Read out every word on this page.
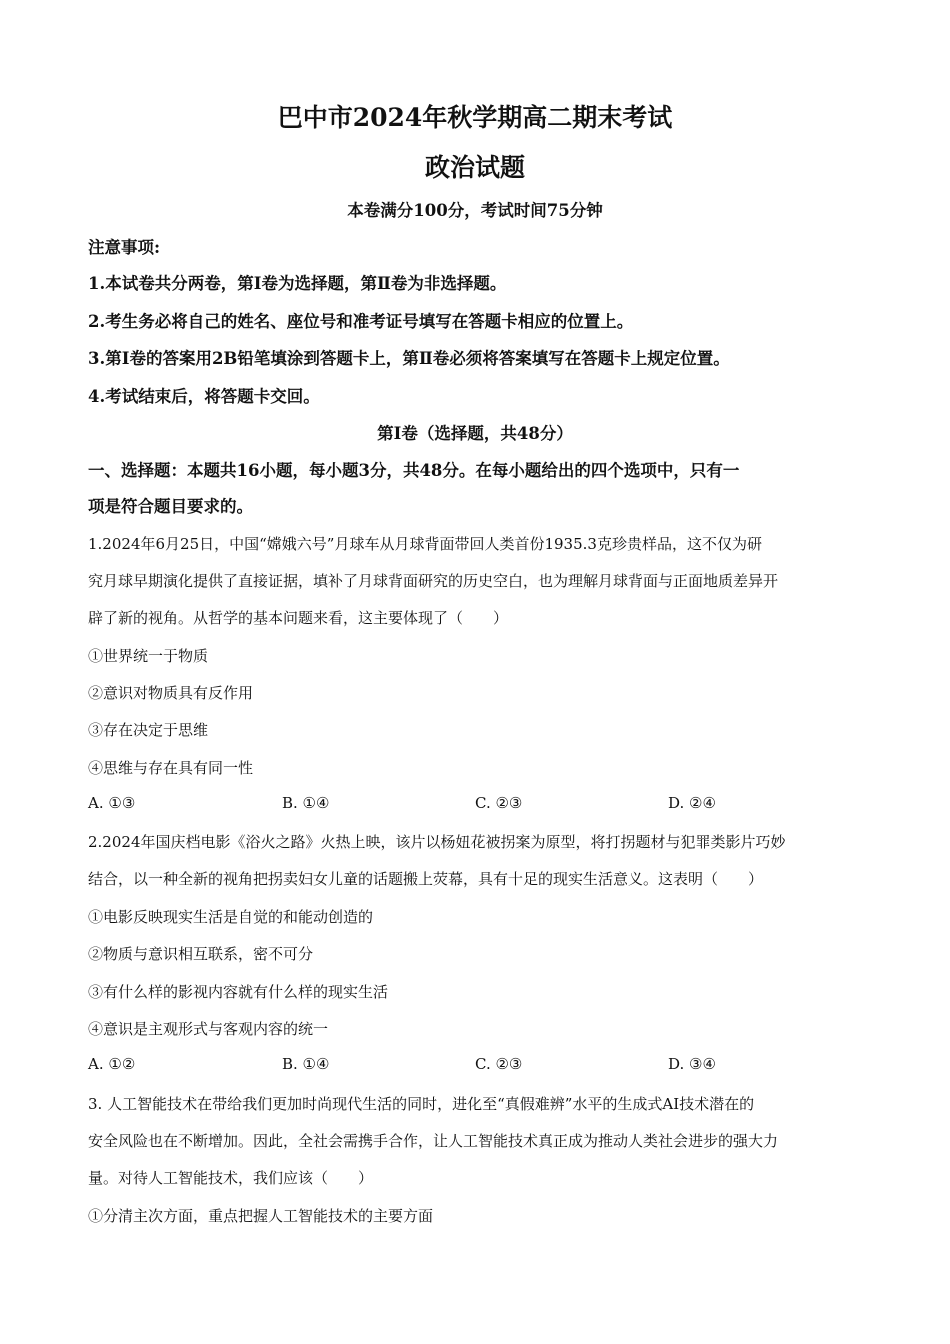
巴中市2024年秋学期高二期末考试
政治试题
本卷满分100分，考试时间75分钟
注意事项:
1.本试卷共分两卷，第Ⅰ卷为选择题，第Ⅱ卷为非选择题。
2.考生务必将自己的姓名、座位号和准考证号填写在答题卡相应的位置上。
3.第Ⅰ卷的答案用2B铅笔填涂到答题卡上，第Ⅱ卷必须将答案填写在答题卡上规定位置。
4.考试结束后，将答题卡交回。
第Ⅰ卷（选择题，共48分）
一、选择题：本题共16小题，每小题3分，共48分。在每小题给出的四个选项中，只有一
项是符合题目要求的。
1.2024年6月25日，中国“嫦娥六号”月球车从月球背面带回人类首份1935.3克珍贵样品，这不仅为研
究月球早期演化提供了直接证据，填补了月球背面研究的历史空白，也为理解月球背面与正面地质差异开
辟了新的视角。从哲学的基本问题来看，这主要体现了（　　）
①世界统一于物质
②意识对物质具有反作用
③存在决定于思维
④思维与存在具有同一性
A. ①③	B. ①④	C. ②③	D. ②④
2.2024年国庆档电影《浴火之路》火热上映，该片以杨妞花被拐案为原型，将打拐题材与犯罪类影片巧妙
结合，以一种全新的视角把拐卖妇女儿童的话题搬上荧幕，具有十足的现实生活意义。这表明（　　）
①电影反映现实生活是自觉的和能动创造的
②物质与意识相互联系，密不可分
③有什么样的影视内容就有什么样的现实生活
④意识是主观形式与客观内容的统一
A. ①②	B. ①④	C. ②③	D. ③④
3. 人工智能技术在带给我们更加时尚现代生活的同时，进化至“真假难辨”水平的生成式AI技术潜在的
安全风险也在不断增加。因此，全社会需携手合作，让人工智能技术真正成为推动人类社会进步的强大力
量。对待人工智能技术，我们应该（　　）
①分清主次方面，重点把握人工智能技术的主要方面
